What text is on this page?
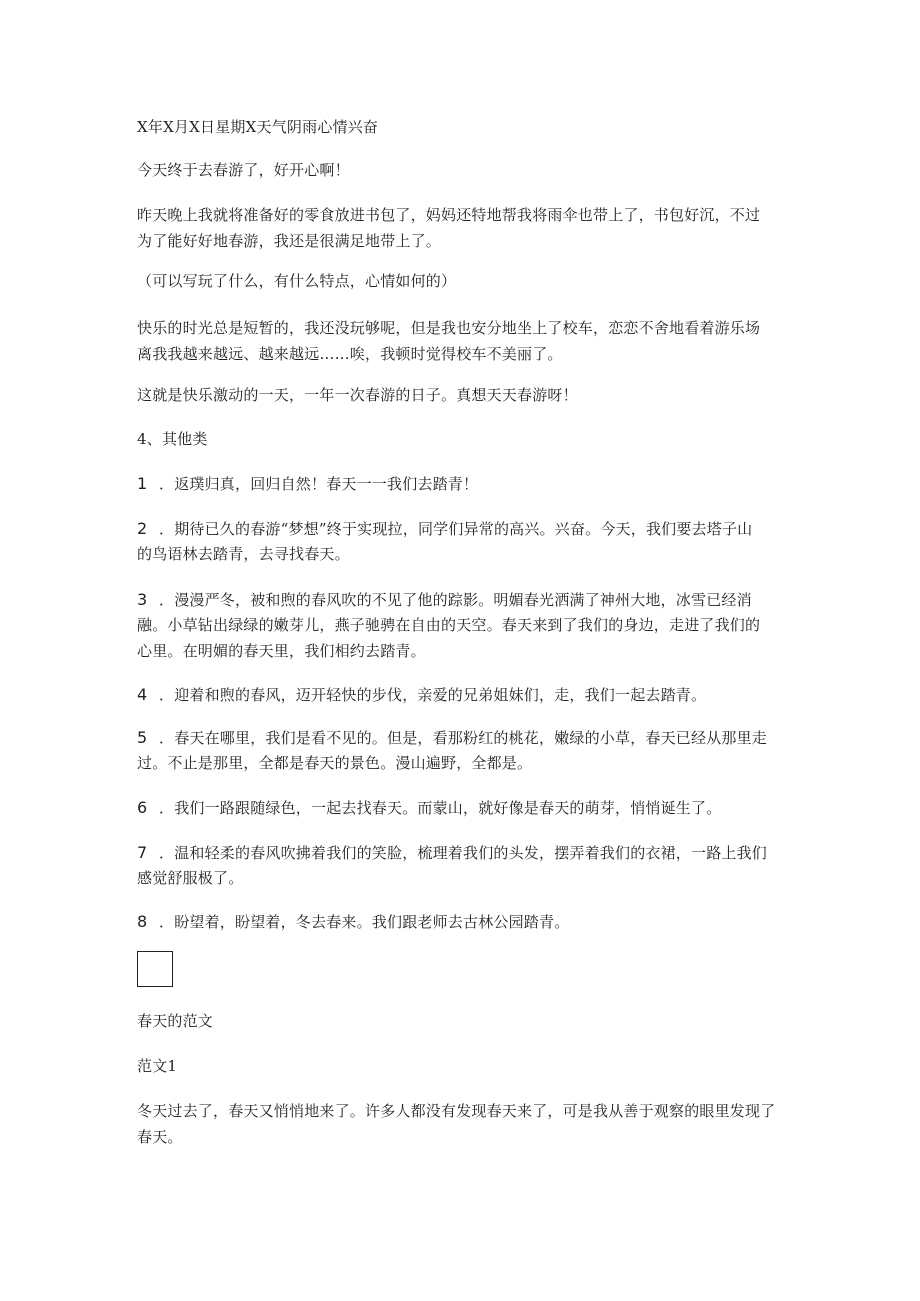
X年X月X日星期X天气阴雨心情兴奋
今天终于去春游了，好开心啊！
昨天晚上我就将准备好的零食放进书包了，妈妈还特地帮我将雨伞也带上了，书包好沉，不过
为了能好好地春游，我还是很满足地带上了。
（可以写玩了什么，有什么特点，心情如何的）
快乐的时光总是短暂的，我还没玩够呢，但是我也安分地坐上了校车，恋恋不舍地看着游乐场
离我我越来越远、越来越远……唉，我顿时觉得校车不美丽了。
这就是快乐激动的一天，一年一次春游的日子。真想天天春游呀！
4、其他类
1 ．返璞归真，回归自然！春天一一我们去踏青！
2 ．期待已久的春游“梦想”终于实现拉，同学们异常的高兴。兴奋。今天，我们要去塔子山
的鸟语林去踏青，去寻找春天。
3 ．漫漫严冬，被和煦的春风吹的不见了他的踪影。明媚春光洒满了神州大地，冰雪已经消
融。小草钻出绿绿的嫩芽儿，燕子驰骋在自由的天空。春天来到了我们的身边，走进了我们的
心里。在明媚的春天里，我们相约去踏青。
4 ．迎着和煦的春风，迈开轻快的步伐，亲爱的兄弟姐妹们，走，我们一起去踏青。
5 ．春天在哪里，我们是看不见的。但是，看那粉红的桃花，嫩绿的小草，春天已经从那里走
过。不止是那里，全都是春天的景色。漫山遍野，全都是。
6 ．我们一路跟随绿色，一起去找春天。而蒙山，就好像是春天的萌芽，悄悄诞生了。
7 ．温和轻柔的春风吹拂着我们的笑脸，梳理着我们的头发，摆弄着我们的衣裙，一路上我们
感觉舒服极了。
8 ．盼望着，盼望着，冬去春来。我们跟老师去古林公园踏青。
春天的范文
范文1
冬天过去了，春天又悄悄地来了。许多人都没有发现春天来了，可是我从善于观察的眼里发现了
春天。
